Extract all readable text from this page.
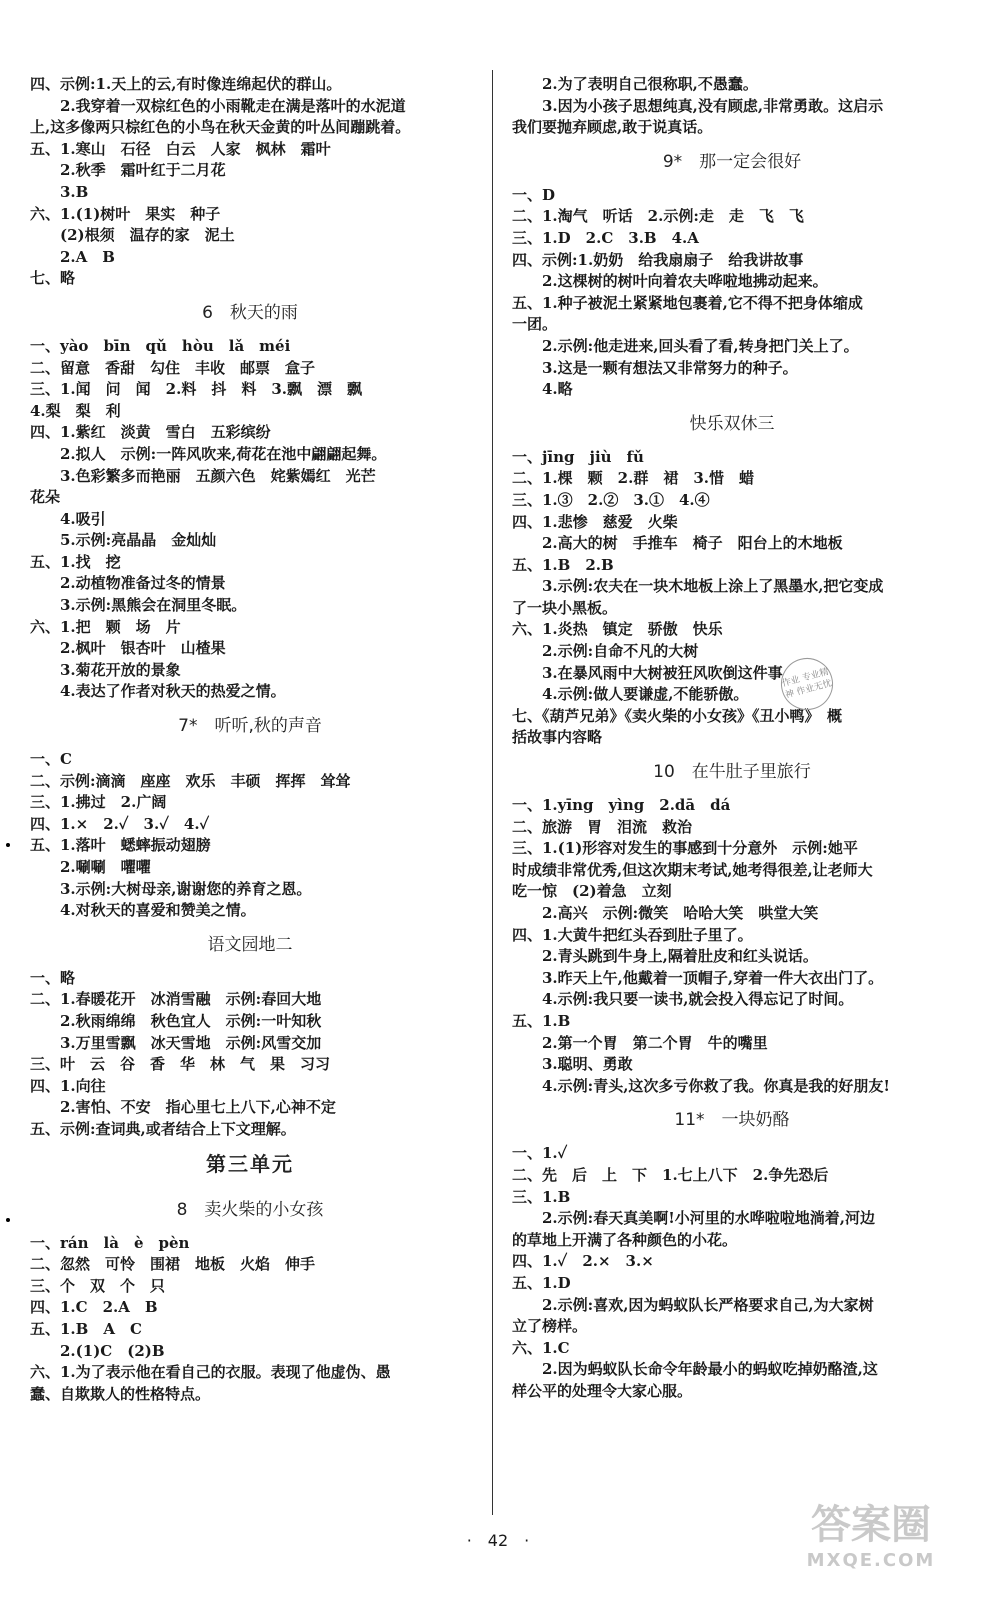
四、示例:1.天上的云,有时像连绵起伏的群山。
2.我穿着一双棕红色的小雨靴走在满是落叶的水泥道
上,这多像两只棕红色的小鸟在秋天金黄的叶丛间蹦跳着。
五、1.寒山　石径　白云　人家　枫林　霜叶
2.秋季　霜叶红于二月花
3.B
六、1.(1)树叶　果实　种子
(2)根须　温存的家　泥土
2.A　B
七、略
6　秋天的雨
一、yào　bīn　qǔ　hòu　lǎ　méi
二、留意　香甜　勾住　丰收　邮票　盒子
三、1.闻　问　闻　2.料　抖　料　3.飘　漂　飘
4.梨　梨　利
四、1.紫红　淡黄　雪白　五彩缤纷
2.拟人　示例:一阵风吹来,荷花在池中翩翩起舞。
3.色彩繁多而艳丽　五颜六色　姹紫嫣红　光芒
花朵
4.吸引
5.示例:亮晶晶　金灿灿
五、1.找　挖
2.动植物准备过冬的情景
3.示例:黑熊会在洞里冬眠。
六、1.把　颗　场　片
2.枫叶　银杏叶　山楂果
3.菊花开放的景象
4.表达了作者对秋天的热爱之情。
7*　听听,秋的声音
一、C
二、示例:滴滴　座座　欢乐　丰硕　挥挥　耸耸
三、1.拂过　2.广阔
四、1.×　2.✓　3.✓　4.✓
五、1.落叶　蟋蟀振动翅膀
2.唰唰　㘗㘗
3.示例:大树母亲,谢谢您的养育之恩。
4.对秋天的喜爱和赞美之情。
语文园地二
一、略
二、1.春暖花开　冰消雪融　示例:春回大地
2.秋雨绵绵　秋色宜人　示例:一叶知秋
3.万里雪飘　冰天雪地　示例:风雪交加
三、叶　云　谷　香　华　林　气　果　习习
四、1.向往
2.害怕、不安　指心里七上八下,心神不定
五、示例:查词典,或者结合上下文理解。
第三单元
8　卖火柴的小女孩
一、rán　là　è　pèn
二、忽然　可怜　围裙　地板　火焰　伸手
三、个　双　个　只
四、1.C　2.A　B
五、1.B　A　C
2.(1)C　(2)B
六、1.为了表示他在看自己的衣服。表现了他虚伪、愚
蠢、自欺欺人的性格特点。
2.为了表明自己很称职,不愚蠢。
3.因为小孩子思想纯真,没有顾虑,非常勇敢。这启示
我们要抛弃顾虑,敢于说真话。
9*　那一定会很好
一、D
二、1.淘气　听话　2.示例:走　走　飞　飞
三、1.D　2.C　3.B　4.A
四、示例:1.奶奶　给我扇扇子　给我讲故事
2.这棵树的树叶向着农夫哗啦地拂动起来。
五、1.种子被泥土紧紧地包裹着,它不得不把身体缩成
一团。
2.示例:他走进来,回头看了看,转身把门关上了。
3.这是一颗有想法又非常努力的种子。
4.略
快乐双休三
一、jīng　jiù　fǔ
二、1.棵　颗　2.群　裙　3.惜　蜡
三、1.③　2.②　3.①　4.④
四、1.悲惨　慈爱　火柴
2.高大的树　手推车　椅子　阳台上的木地板
五、1.B　2.B
3.示例:农夫在一块木地板上涂上了黑墨水,把它变成
了一块小黑板。
六、1.炎热　镇定　骄傲　快乐
2.示例:自命不凡的大树
3.在暴风雨中大树被狂风吹倒这件事
4.示例:做人要谦虚,不能骄傲。
七、《葫芦兄弟》《卖火柴的小女孩》《丑小鸭》　概
括故事内容略
10　在牛肚子里旅行
一、1.yīng　yìng　2.dā　dá
二、旅游　胃　泪流　救治
三、1.(1)形容对发生的事感到十分意外　示例:她平
时成绩非常优秀,但这次期末考试,她考得很差,让老师大
吃一惊　(2)着急　立刻
2.高兴　示例:微笑　哈哈大笑　哄堂大笑
四、1.大黄牛把红头吞到肚子里了。
2.青头跳到牛身上,隔着肚皮和红头说话。
3.昨天上午,他戴着一顶帽子,穿着一件大衣出门了。
4.示例:我只要一读书,就会投入得忘记了时间。
五、1.B
2.第一个胃　第二个胃　牛的嘴里
3.聪明、勇敢
4.示例:青头,这次多亏你救了我。你真是我的好朋友!
11*　一块奶酪
一、1.✓
二、先　后　上　下　1.七上八下　2.争先恐后
三、1.B
2.示例:春天真美啊!小河里的水哗啦啦地淌着,河边
的草地上开满了各种颜色的小花。
四、1.✓　2.×　3.×
五、1.D
2.示例:喜欢,因为蚂蚁队长严格要求自己,为大家树
立了榜样。
六、1.C
2.因为蚂蚁队长命令年龄最小的蚂蚁吃掉奶酪渣,这
样公平的处理令大家心服。
作业 专业精神 作业无忧
·　42　·	答案圈
MXQE.COM
